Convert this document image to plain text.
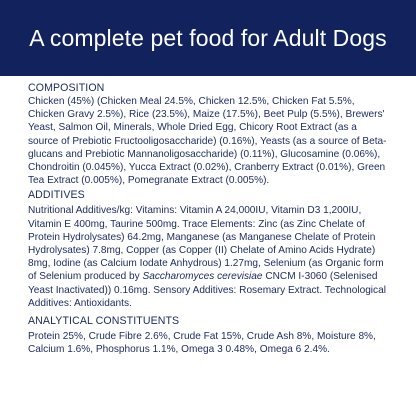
A complete pet food for Adult Dogs
COMPOSITION
Chicken (45%) (Chicken Meal 24.5%, Chicken 12.5%, Chicken Fat 5.5%, Chicken Gravy 2.5%), Rice (23.5%), Maize (17.5%), Beet Pulp (5.5%), Brewers' Yeast, Salmon Oil, Minerals, Whole Dried Egg, Chicory Root Extract (as a source of Prebiotic Fructooligosaccharide) (0.16%), Yeasts (as a source of Beta-glucans and Prebiotic Mannanoligosaccharide) (0.11%), Glucosamine (0.06%), Chondroitin (0.045%), Yucca Extract (0.02%), Cranberry Extract (0.01%), Green Tea Extract (0.005%), Pomegranate Extract (0.005%).
ADDITIVES
Nutritional Additives/kg: Vitamins: Vitamin A 24,000IU, Vitamin D3 1,200IU, Vitamin E 400mg, Taurine 500mg. Trace Elements: Zinc (as Zinc Chelate of Protein Hydrolysates) 64.2mg, Manganese (as Manganese Chelate of Protein Hydrolysates) 7.8mg, Copper (as Copper (II) Chelate of Amino Acids Hydrate) 8mg, Iodine (as Calcium Iodate Anhydrous) 1.27mg, Selenium (as Organic form of Selenium produced by Saccharomyces cerevisiae CNCM I-3060 (Selenised Yeast Inactivated)) 0.16mg. Sensory Additives: Rosemary Extract. Technological Additives: Antioxidants.
ANALYTICAL CONSTITUENTS
Protein 25%, Crude Fibre 2.6%, Crude Fat 15%, Crude Ash 8%, Moisture 8%, Calcium 1.6%, Phosphorus 1.1%, Omega 3 0.48%, Omega 6 2.4%.
